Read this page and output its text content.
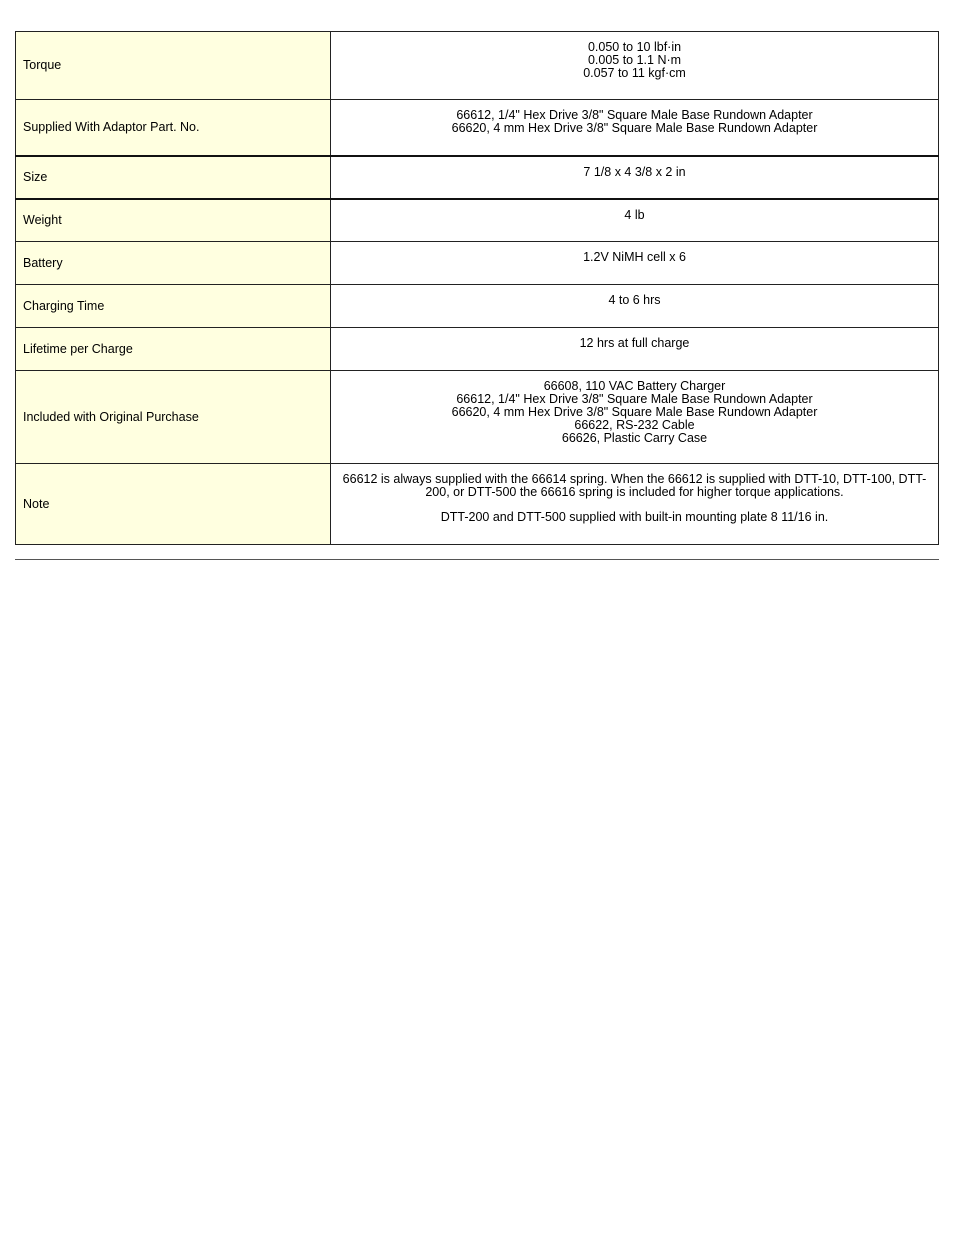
Torque	0.050 to 10 lbf·in
0.005 to 1.1 N·m
0.057 to 11 kgf·cm

Supplied With Adaptor Part. No.	66612, 1/4" Hex Drive 3/8" Square Male Base Rundown Adapter
66620, 4 mm Hex Drive 3/8" Square Male Base Rundown Adapter

Size	7 1/8 x 4 3/8 x 2 in

Weight	4 lb

Battery	1.2V NiMH cell x 6

Charging Time	4 to 6 hrs

Lifetime per Charge	12 hrs at full charge

Included with Original Purchase	66608, 110 VAC Battery Charger
66612, 1/4" Hex Drive 3/8" Square Male Base Rundown Adapter
66620, 4 mm Hex Drive 3/8" Square Male Base Rundown Adapter
66622, RS-232 Cable
66626, Plastic Carry Case

Note	66612 is always supplied with the 66614 spring. When the 66612 is supplied with DTT-10, DTT-100, DTT-200, or DTT-500 the 66616 spring is included for higher torque applications.
DTT-200 and DTT-500 supplied with built-in mounting plate 8 11/16 in.
